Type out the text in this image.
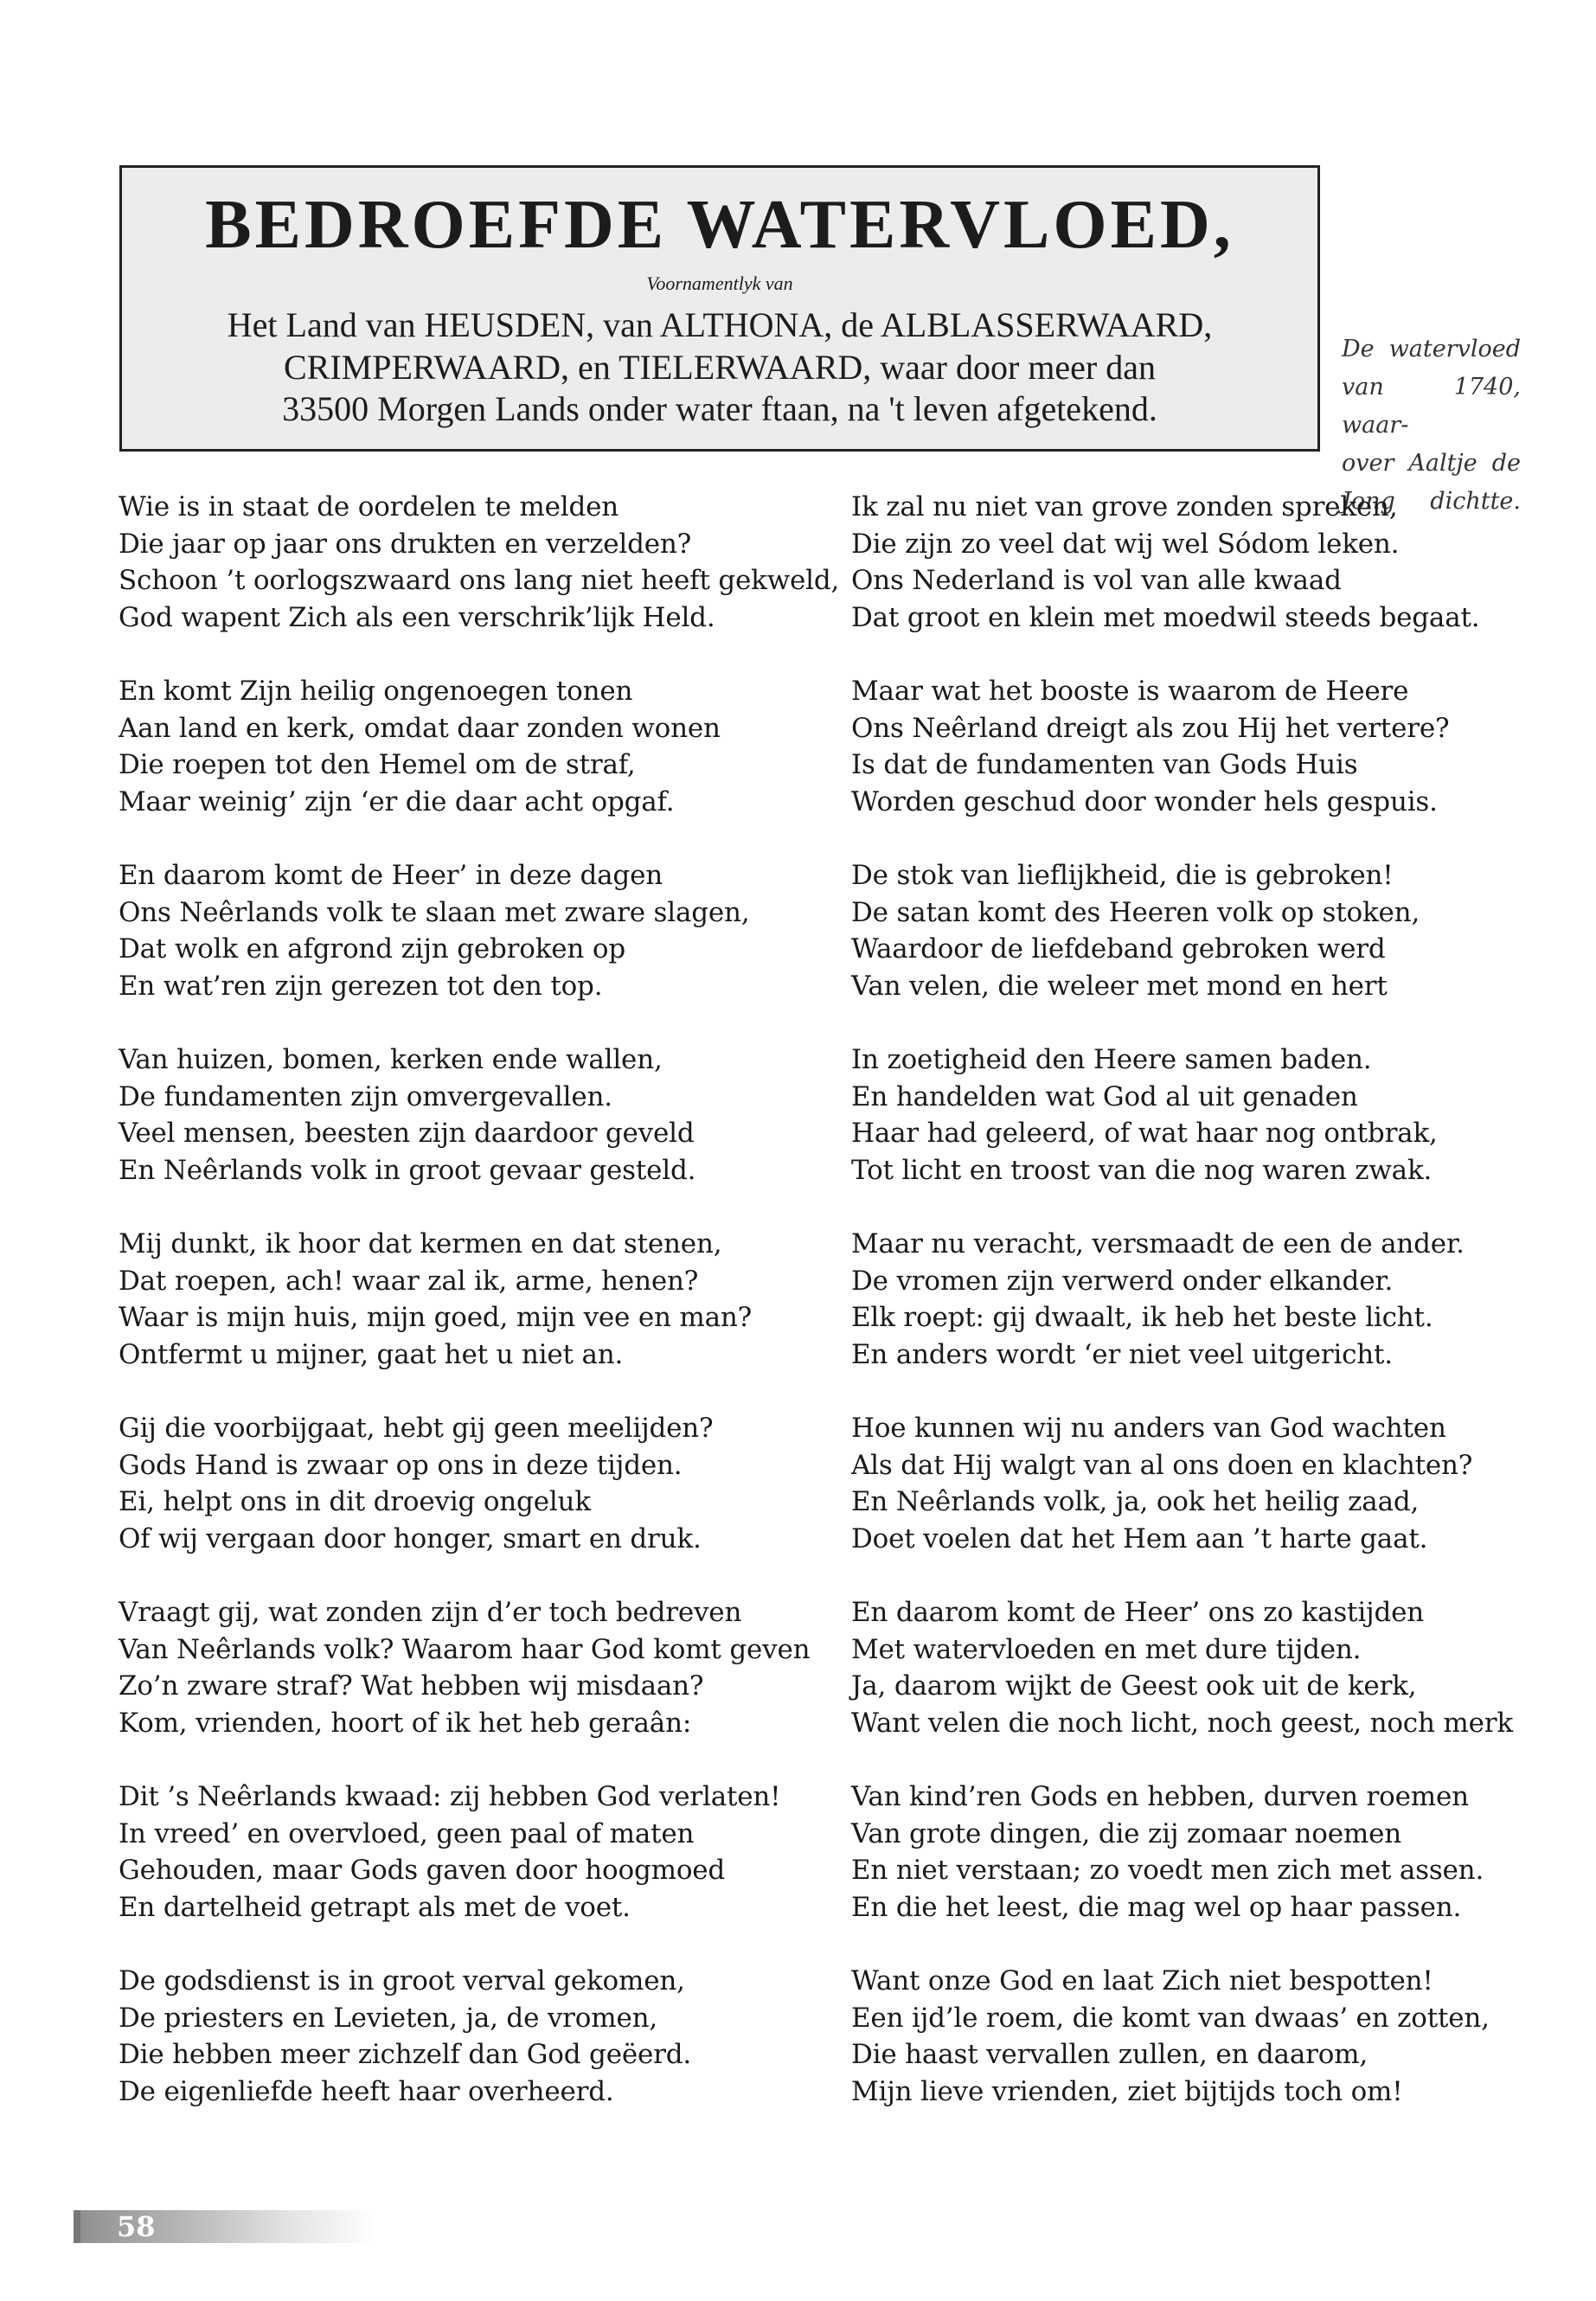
BEDROEFDE WATERVLOED,
Voornamentlyk van
Het Land van HEUSDEN, van ALTHONA, de ALBLASSERWAARD,
CRIMPERWAARD, en TIELERWAARD, waar door meer dan
33500 Morgen Lands onder water ftaan, na 't leven afgetekend.
De watervloed
van 1740, waar-
over Aaltje de
Jong dichtte.
Wie is in staat de oordelen te melden
Die jaar op jaar ons drukten en verzelden?
Schoon ’t oorlogszwaard ons lang niet heeft gekweld,
God wapent Zich als een verschrik’lijk Held.
En komt Zijn heilig ongenoegen tonen
Aan land en kerk, omdat daar zonden wonen
Die roepen tot den Hemel om de straf,
Maar weinig’ zijn ‘er die daar acht opgaf.
En daarom komt de Heer’ in deze dagen
Ons Neêrlands volk te slaan met zware slagen,
Dat wolk en afgrond zijn gebroken op
En wat’ren zijn gerezen tot den top.
Van huizen, bomen, kerken ende wallen,
De fundamenten zijn omvergevallen.
Veel mensen, beesten zijn daardoor geveld
En Neêrlands volk in groot gevaar gesteld.
Mij dunkt, ik hoor dat kermen en dat stenen,
Dat roepen, ach! waar zal ik, arme, henen?
Waar is mijn huis, mijn goed, mijn vee en man?
Ontfermt u mijner, gaat het u niet an.
Gij die voorbijgaat, hebt gij geen meelijden?
Gods Hand is zwaar op ons in deze tijden.
Ei, helpt ons in dit droevig ongeluk
Of wij vergaan door honger, smart en druk.
Vraagt gij, wat zonden zijn d’er toch bedreven
Van Neêrlands volk? Waarom haar God komt geven
Zo’n zware straf? Wat hebben wij misdaan?
Kom, vrienden, hoort of ik het heb geraân:
Dit ’s Neêrlands kwaad: zij hebben God verlaten!
In vreed’ en overvloed, geen paal of maten
Gehouden, maar Gods gaven door hoogmoed
En dartelheid getrapt als met de voet.
De godsdienst is in groot verval gekomen,
De priesters en Levieten, ja, de vromen,
Die hebben meer zichzelf dan God geëerd.
De eigenliefde heeft haar overheerd.
Ik zal nu niet van grove zonden spreken,
Die zijn zo veel dat wij wel Sódom leken.
Ons Nederland is vol van alle kwaad
Dat groot en klein met moedwil steeds begaat.
Maar wat het booste is waarom de Heere
Ons Neêrland dreigt als zou Hij het vertere?
Is dat de fundamenten van Gods Huis
Worden geschud door wonder hels gespuis.
De stok van lieflijkheid, die is gebroken!
De satan komt des Heeren volk op stoken,
Waardoor de liefdeband gebroken werd
Van velen, die weleer met mond en hert
In zoetigheid den Heere samen baden.
En handelden wat God al uit genaden
Haar had geleerd, of wat haar nog ontbrak,
Tot licht en troost van die nog waren zwak.
Maar nu veracht, versmaadt de een de ander.
De vromen zijn verwerd onder elkander.
Elk roept: gij dwaalt, ik heb het beste licht.
En anders wordt ‘er niet veel uitgericht.
Hoe kunnen wij nu anders van God wachten
Als dat Hij walgt van al ons doen en klachten?
En Neêrlands volk, ja, ook het heilig zaad,
Doet voelen dat het Hem aan ’t harte gaat.
En daarom komt de Heer’ ons zo kastijden
Met watervloeden en met dure tijden.
Ja, daarom wijkt de Geest ook uit de kerk,
Want velen die noch licht, noch geest, noch merk
Van kind’ren Gods en hebben, durven roemen
Van grote dingen, die zij zomaar noemen
En niet verstaan; zo voedt men zich met assen.
En die het leest, die mag wel op haar passen.
Want onze God en laat Zich niet bespotten!
Een ijd’le roem, die komt van dwaas’ en zotten,
Die haast vervallen zullen, en daarom,
Mijn lieve vrienden, ziet bijtijds toch om!
58
